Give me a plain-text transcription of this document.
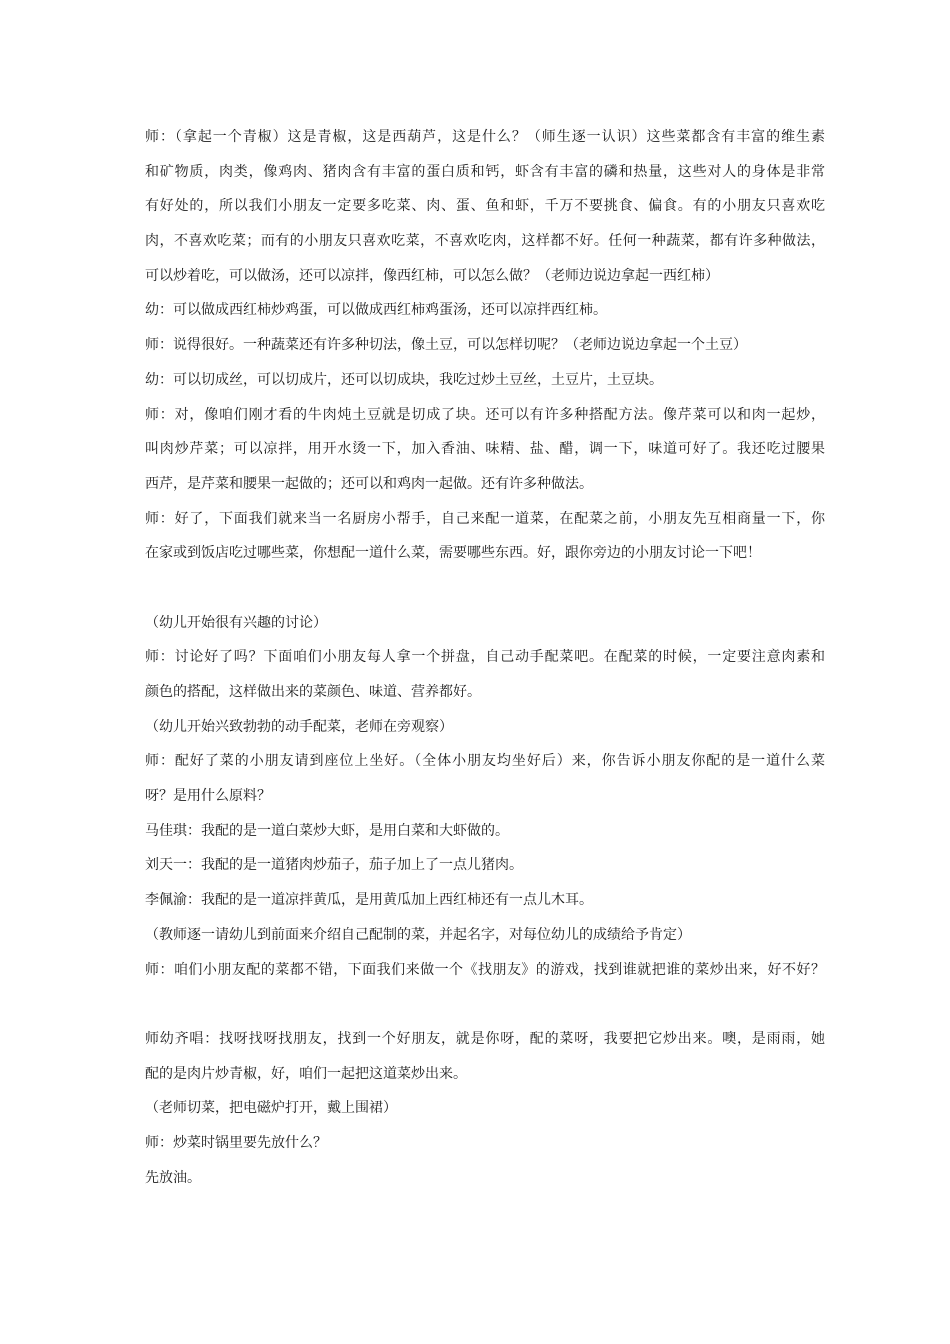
师：（拿起一个青椒）这是青椒，这是西葫芦，这是什么？（师生逐一认识）这些菜都含有丰富的维生素
和矿物质，肉类，像鸡肉、猪肉含有丰富的蛋白质和钙，虾含有丰富的磷和热量，这些对人的身体是非常
有好处的，所以我们小朋友一定要多吃菜、肉、蛋、鱼和虾，千万不要挑食、偏食。有的小朋友只喜欢吃
肉，不喜欢吃菜；而有的小朋友只喜欢吃菜，不喜欢吃肉，这样都不好。任何一种蔬菜，都有许多种做法，
可以炒着吃，可以做汤，还可以凉拌，像西红柿，可以怎么做？（老师边说边拿起一西红柿）
幼：可以做成西红柿炒鸡蛋，可以做成西红柿鸡蛋汤，还可以凉拌西红柿。
师：说得很好。一种蔬菜还有许多种切法，像土豆，可以怎样切呢？（老师边说边拿起一个土豆）
幼：可以切成丝，可以切成片，还可以切成块，我吃过炒土豆丝，土豆片，土豆块。
师：对，像咱们刚才看的牛肉炖土豆就是切成了块。还可以有许多种搭配方法。像芹菜可以和肉一起炒，
叫肉炒芹菜；可以凉拌，用开水烫一下，加入香油、味精、盐、醋，调一下，味道可好了。我还吃过腰果
西芹，是芹菜和腰果一起做的；还可以和鸡肉一起做。还有许多种做法。
师：好了，下面我们就来当一名厨房小帮手，自己来配一道菜，在配菜之前，小朋友先互相商量一下，你
在家或到饭店吃过哪些菜，你想配一道什么菜，需要哪些东西。好，跟你旁边的小朋友讨论一下吧！
（幼儿开始很有兴趣的讨论）
师：讨论好了吗？下面咱们小朋友每人拿一个拼盘，自己动手配菜吧。在配菜的时候，一定要注意肉素和
颜色的搭配，这样做出来的菜颜色、味道、营养都好。
（幼儿开始兴致勃勃的动手配菜，老师在旁观察）
师：配好了菜的小朋友请到座位上坐好。（全体小朋友均坐好后）来，你告诉小朋友你配的是一道什么菜
呀？是用什么原料？
马佳琪：我配的是一道白菜炒大虾，是用白菜和大虾做的。
刘天一：我配的是一道猪肉炒茄子，茄子加上了一点儿猪肉。
李佩渝：我配的是一道凉拌黄瓜，是用黄瓜加上西红柿还有一点儿木耳。
（教师逐一请幼儿到前面来介绍自己配制的菜，并起名字，对每位幼儿的成绩给予肯定）
师：咱们小朋友配的菜都不错，下面我们来做一个《找朋友》的游戏，找到谁就把谁的菜炒出来，好不好？
师幼齐唱：找呀找呀找朋友，找到一个好朋友，就是你呀，配的菜呀，我要把它炒出来。噢，是雨雨，她
配的是肉片炒青椒，好，咱们一起把这道菜炒出来。
（老师切菜，把电磁炉打开，戴上围裙）
师：炒菜时锅里要先放什么？
先放油。
